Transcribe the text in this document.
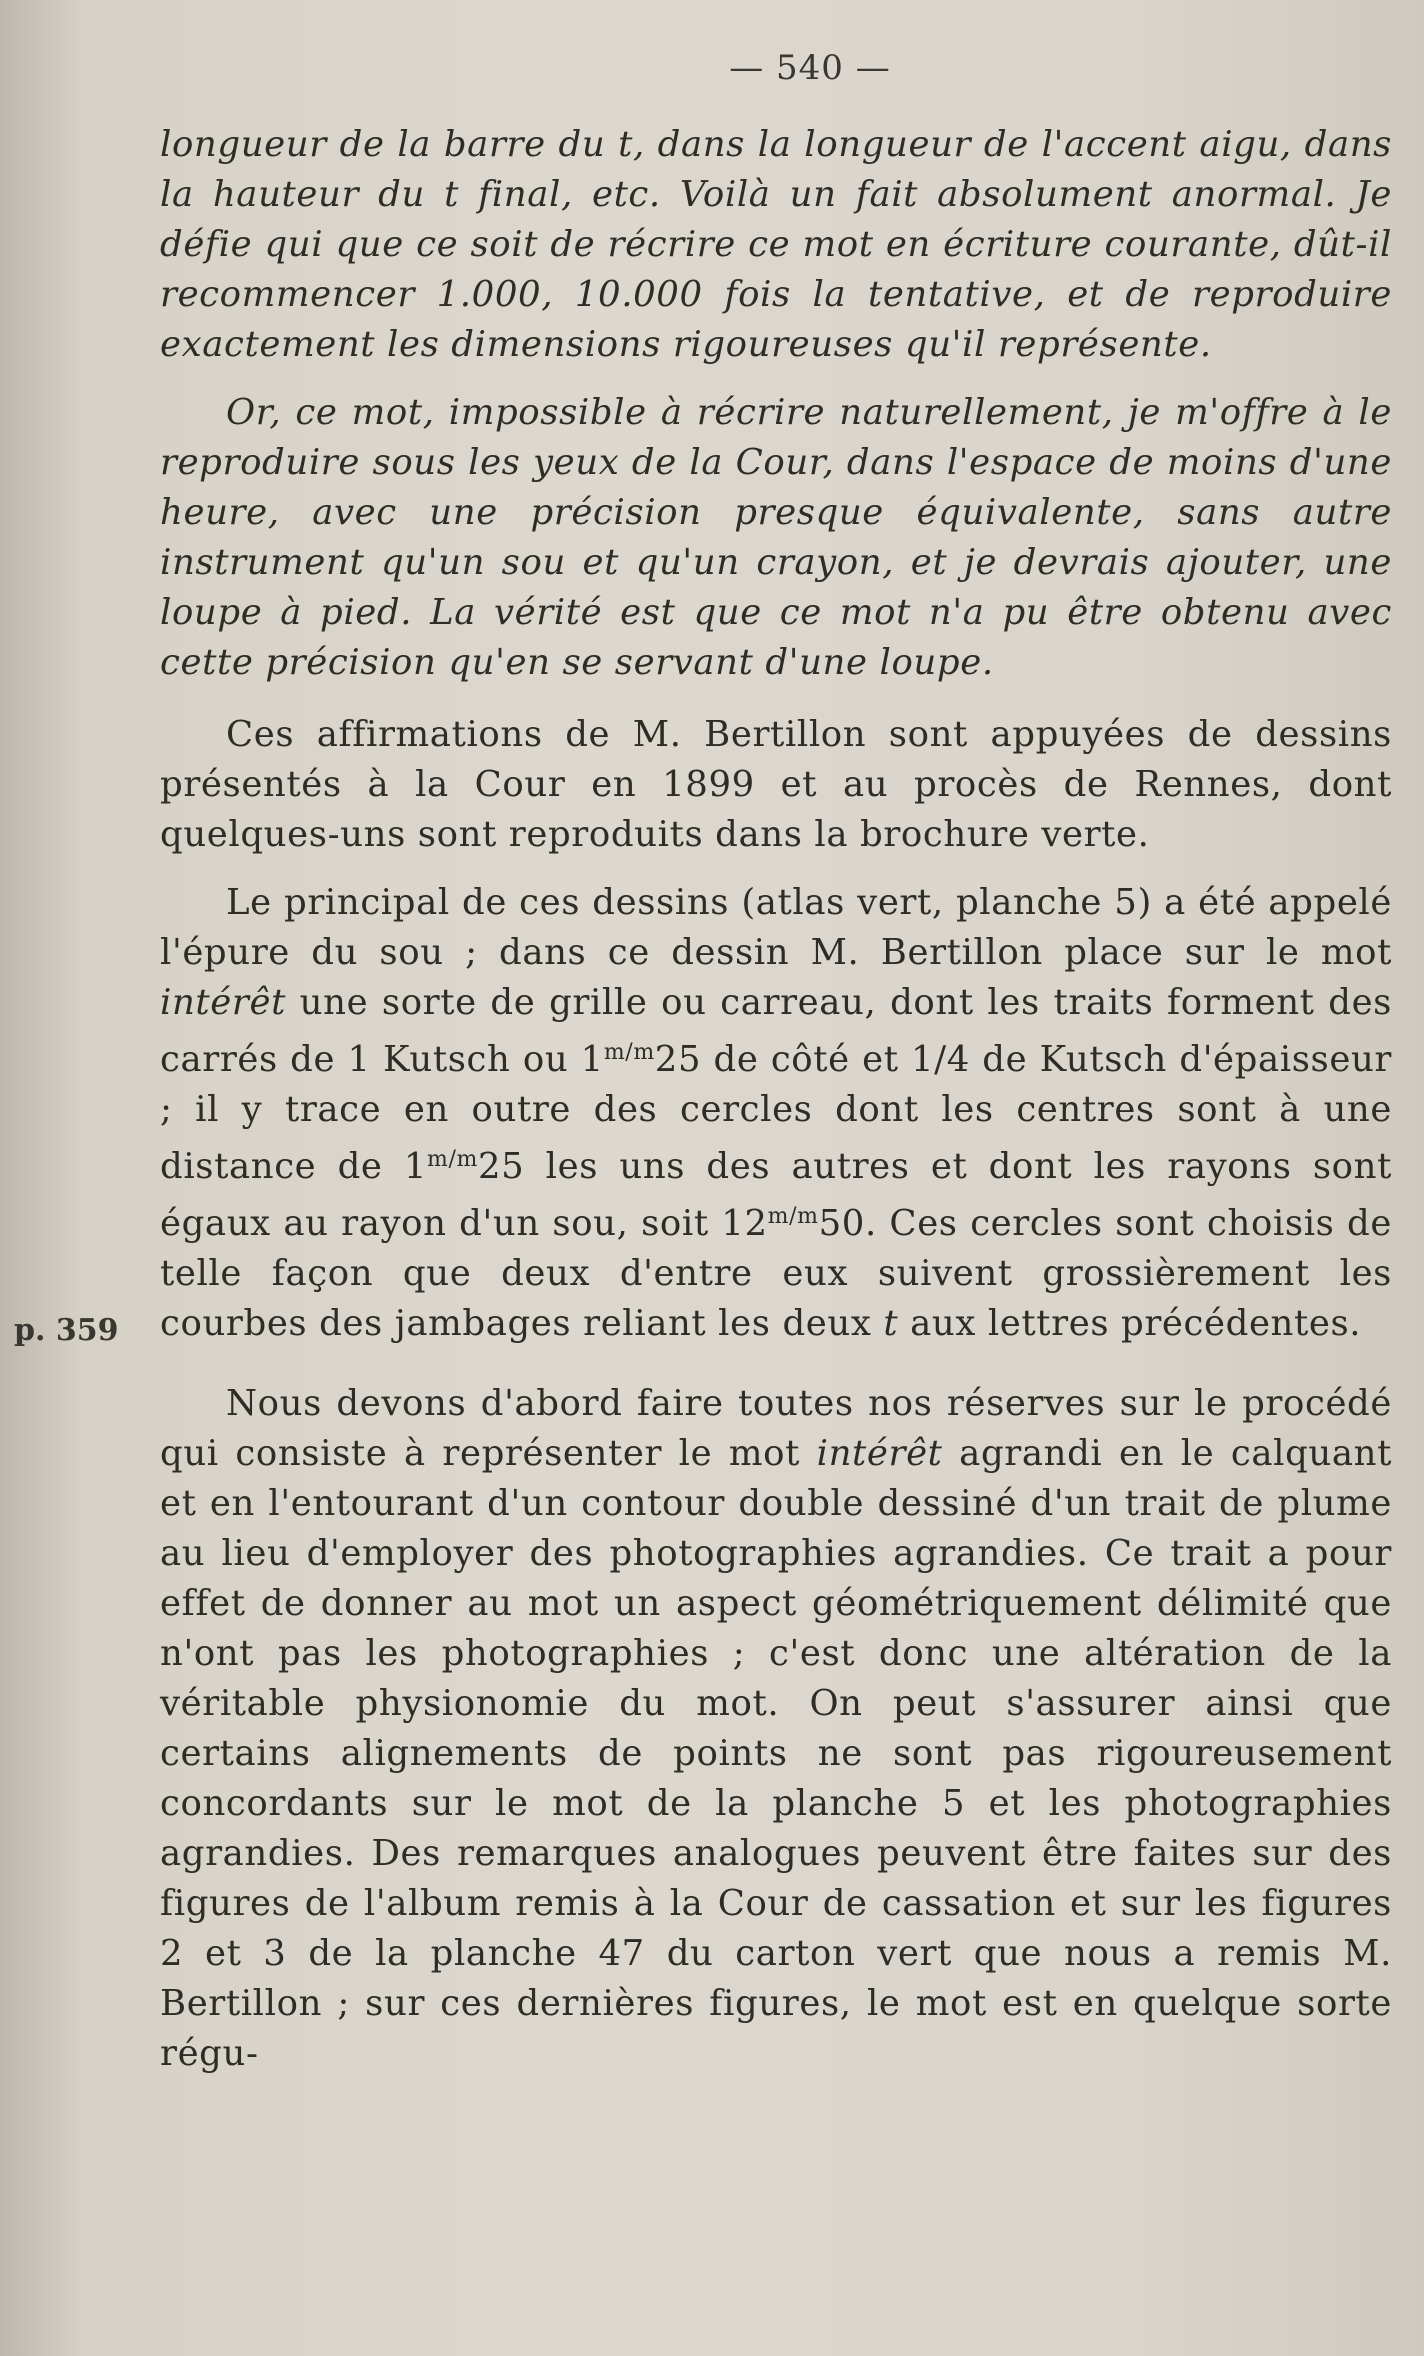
— 540 —
p. 359

longueur de la barre du t, dans la longueur de l'accent aigu, dans la hauteur du t final, etc. Voilà un fait absolument anormal. Je défie qui que ce soit de récrire ce mot en écriture courante, dût-il recommencer 1.000, 10.000 fois la tentative, et de reproduire exactement les dimensions rigoureuses qu'il représente.

Or, ce mot, impossible à récrire naturellement, je m'offre à le reproduire sous les yeux de la Cour, dans l'espace de moins d'une heure, avec une précision presque équivalente, sans autre instrument qu'un sou et qu'un crayon, et je devrais ajouter, une loupe à pied. La vérité est que ce mot n'a pu être obtenu avec cette précision qu'en se servant d'une loupe.

Ces affirmations de M. Bertillon sont appuyées de dessins présentés à la Cour en 1899 et au procès de Rennes, dont quelques-uns sont reproduits dans la brochure verte.

Le principal de ces dessins (atlas vert, planche 5) a été appelé l'épure du sou ; dans ce dessin M. Bertillon place sur le mot intérêt une sorte de grille ou carreau, dont les traits forment des carrés de 1 Kutsch ou $1^{m/m}25$ de côté et 1/4 de Kutsch d'épaisseur ; il y trace en outre des cercles dont les centres sont à une distance de $1^{m/m}25$ les uns des autres et dont les rayons sont égaux au rayon d'un sou, soit $12^{m/m}50$. Ces cercles sont choisis de telle façon que deux d'entre eux suivent grossièrement les courbes des jambages reliant les deux t aux lettres précédentes.

Nous devons d'abord faire toutes nos réserves sur le procédé qui consiste à représenter le mot intérêt agrandi en le calquant et en l'entourant d'un contour double dessiné d'un trait de plume au lieu d'employer des photographies agrandies. Ce trait a pour effet de donner au mot un aspect géométriquement délimité que n'ont pas les photographies ; c'est donc une altération de la véritable physionomie du mot. On peut s'assurer ainsi que certains alignements de points ne sont pas rigoureusement concordants sur le mot de la planche 5 et les photographies agrandies. Des remarques analogues peuvent être faites sur des figures de l'album remis à la Cour de cassation et sur les figures 2 et 3 de la planche 47 du carton vert que nous a remis M. Bertillon ; sur ces dernières figures, le mot est en quelque sorte régu-
